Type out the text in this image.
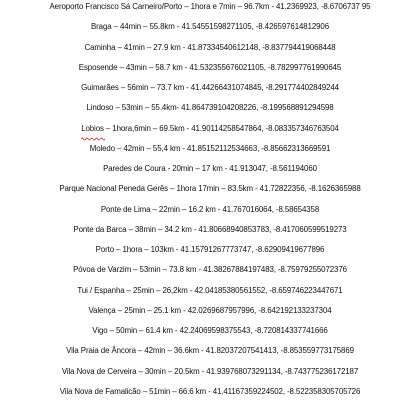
Aeroporto Francisco Sá Carneiro/Porto – 1hora e 7min – 96.7km - 41.2369923, -8.6706737 95
Braga – 44min – 55.8km - 41.54551598271105, -8.426597614812906
Caminha – 41min – 27.9 km - 41.87334540612148, -8.837794419068448
Esposende – 43min – 58.7 km - 41.532355676021105, -8.782997761990645
Guimarães – 56min – 73.7 km - 41.44266431074845, -8.291774402849244
Lindoso – 53min – 55.4km- 41.864739104208226, -8.199568891294598
Lobios – 1hora,6min – 69.5km - 41.90114258547864, -8.083357346763504
Moledo – 42min – 55,4 km - 41.85152112534663, -8.85662313669591
Paredes de Coura - 20min – 17 km - 41.913047, -8.561194060
Parque Nacional Peneda Gerês – 1hora 17min – 83.5km - 41.72822356, -8.1626365988
Ponte de Lima – 22min – 16.2 km - 41.767016064, -8.58654358
Ponte da Barca – 38min – 34.2 km - 41.80668940853783, -8.417060599519273
Porto – 1hora – 103km - 41.15791267773747, -8.62909419677896
Póvoa de Varzim – 53min – 73.8 km - 41.38267884197483, -8.75979255072376
Tui / Espanha – 25min – 26,2km - 42.04185380561552, -8.659746223447671
Valença – 25min – 25.1 km - 42.0269687957996, -8.642192133237304
Vigo – 50min – 61.4 km - 42.24069598375543, -8.720814337741666
Vila Praia de Âncora – 42min – 36.6km - 41.82037207541413, -8.853559773175869
Vila Nova de Cerveira – 30min – 20.5km - 41.939768073291134, -8.743775236172187
Vila Nova de Famalicão – 51min – 66.6 km - 41.41167359224502, -8.522358305705726
